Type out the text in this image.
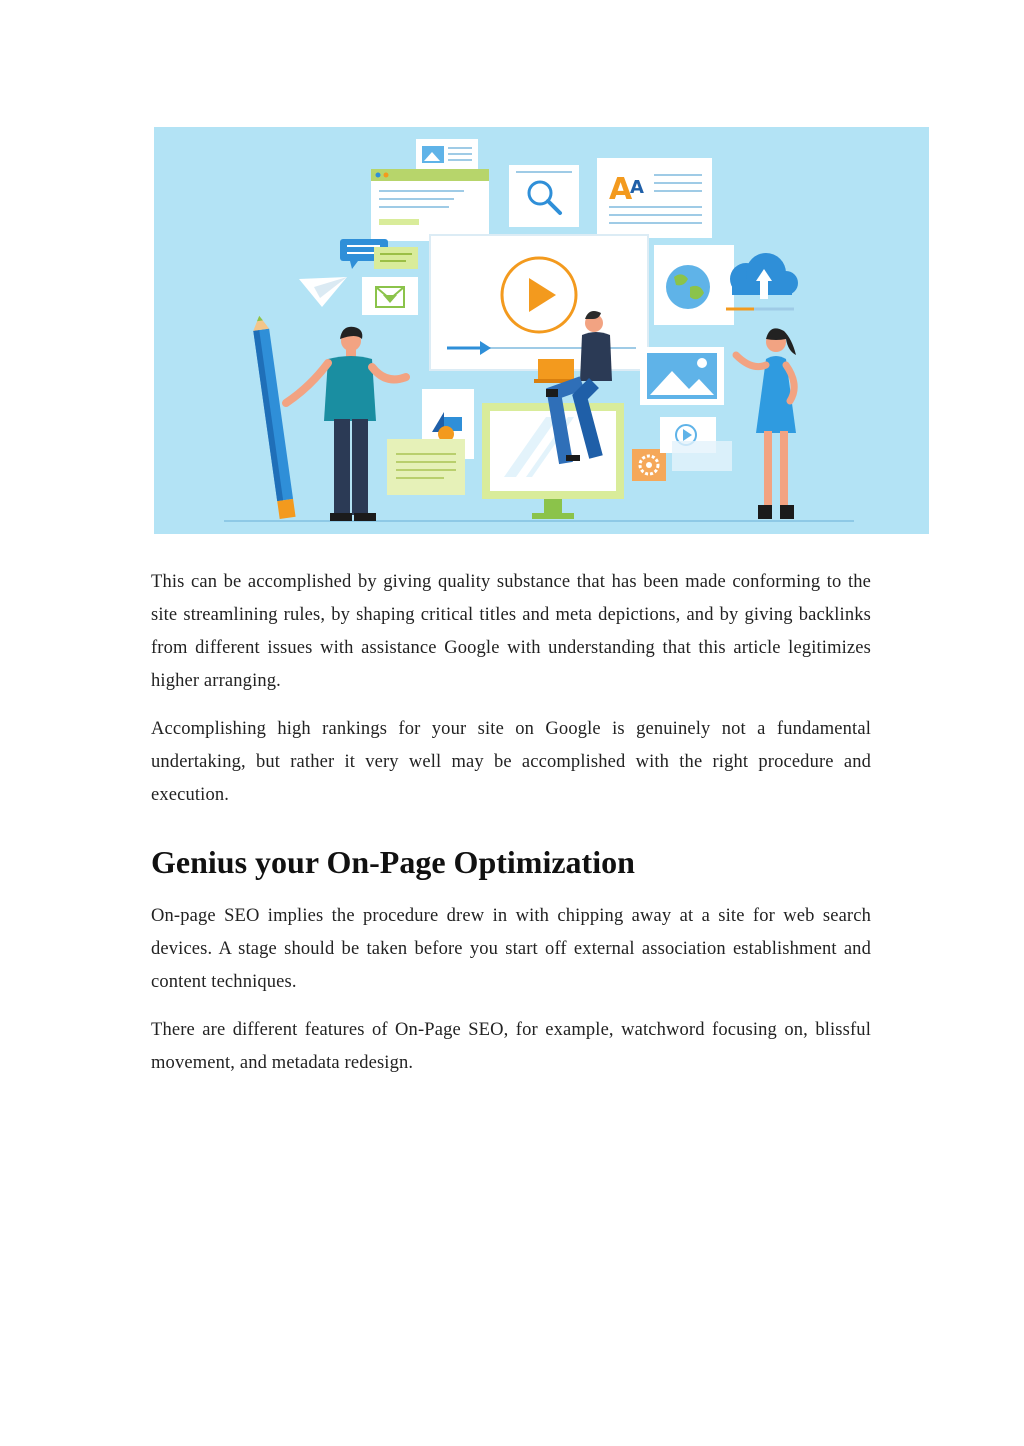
A
A

This can be accomplished by giving quality substance that has been made conforming to the site streamlining rules, by shaping critical titles and meta depictions, and by giving backlinks from different issues with assistance Google with understanding that this article legitimizes higher arranging.

Accomplishing high rankings for your site on Google is genuinely not a fundamental undertaking, but rather it very well may be accomplished with the right procedure and execution.

Genius your On-Page Optimization

On-page SEO implies the procedure drew in with chipping away at a site for web search devices. A stage should be taken before you start off external association establishment and content techniques.

There are different features of On-Page SEO, for example, watchword focusing on, blissful movement, and metadata redesign.
